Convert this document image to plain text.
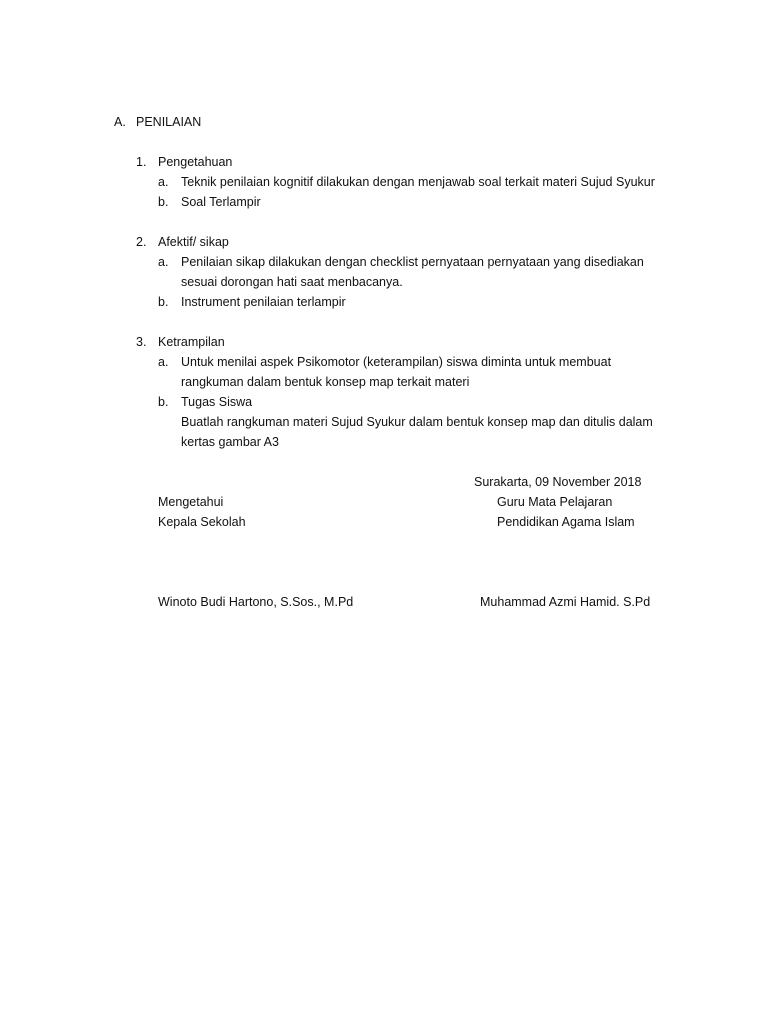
A. PENILAIAN
1. Pengetahuan
a. Teknik penilaian kognitif dilakukan dengan menjawab soal terkait materi Sujud Syukur
b. Soal Terlampir
2. Afektif/ sikap
a. Penilaian sikap dilakukan dengan checklist pernyataan pernyataan yang disediakan
sesuai dorongan hati saat menbacanya.
b. Instrument penilaian terlampir
3. Ketrampilan
a. Untuk menilai aspek Psikomotor (keterampilan) siswa diminta untuk membuat
rangkuman dalam bentuk konsep map terkait materi
b. Tugas Siswa
Buatlah rangkuman materi Sujud Syukur dalam bentuk konsep map dan ditulis dalam
kertas gambar A3
Surakarta, 09 November 2018
Mengetahui
Kepala Sekolah
Winoto Budi Hartono, S.Sos., M.Pd
Guru Mata Pelajaran
Pendidikan Agama Islam
Muhammad Azmi Hamid. S.Pd
